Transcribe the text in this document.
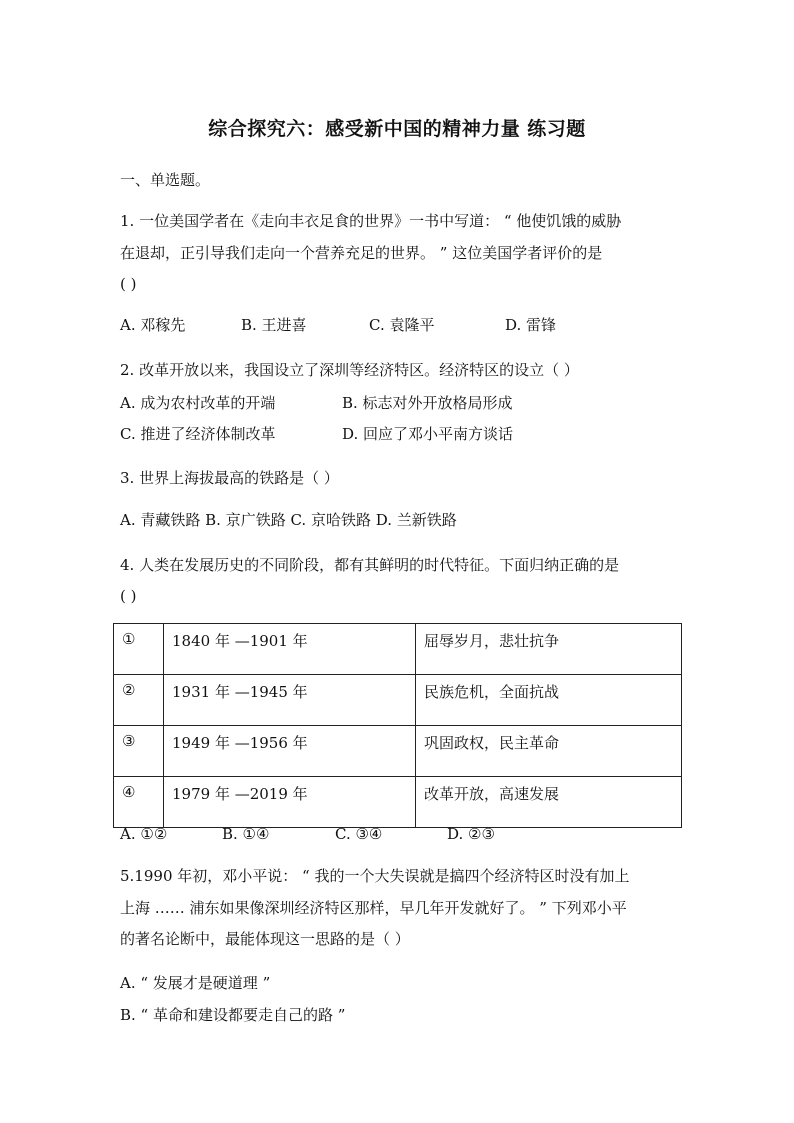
综合探究六：感受新中国的精神力量 练习题
一、单选题。
1. 一位美国学者在《走向丰衣足食的世界》一书中写道： “ 他使饥饿的威胁
在退却，正引导我们走向一个营养充足的世界。 ” 这位美国学者评价的是
( )
A. 邓稼先	B. 王进喜	C. 袁隆平	D. 雷锋
2. 改革开放以来，我国设立了深圳等经济特区。经济特区的设立（ ）
A. 成为农村改革的开端	B. 标志对外开放格局形成
C. 推进了经济体制改革	D. 回应了邓小平南方谈话
3. 世界上海拔最高的铁路是（ ）
A. 青藏铁路 B. 京广铁路 C. 京哈铁路 D. 兰新铁路
4. 人类在发展历史的不同阶段，都有其鲜明的时代特征。下面归纳正确的是
( )
①	1840 年 —1901 年	屈辱岁月，悲壮抗争
②	1931 年 —1945 年	民族危机，全面抗战
③	1949 年 —1956 年	巩固政权，民主革命
④	1979 年 —2019 年	改革开放，高速发展
A. ①②	B. ①④	C. ③④	D. ②③
5.1990 年初，邓小平说： “ 我的一个大失误就是搞四个经济特区时没有加上
上海 …… 浦东如果像深圳经济特区那样，早几年开发就好了。 ” 下列邓小平
的著名论断中，最能体现这一思路的是（ ）
A. “ 发展才是硬道理 ”
B. “ 革命和建设都要走自己的路 ”
